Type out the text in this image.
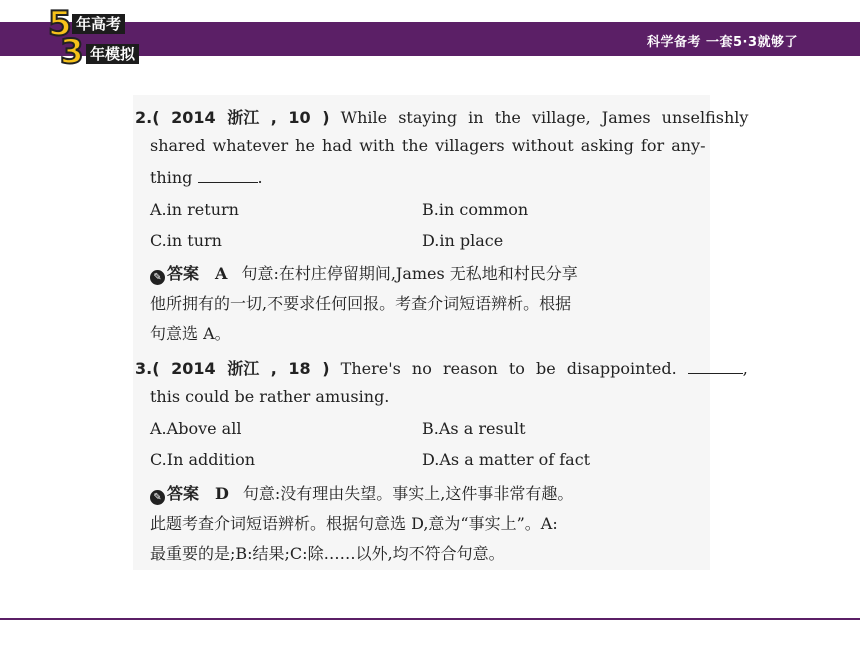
5 年高考
3 年模拟
科学备考 一套5·3就够了
2.( 2014 浙江 , 10 ) While staying in the village, James unselfishly
shared whatever he had with the villagers without asking for any-
thing	.
A.in return	B.in common
C.in turn	D.in place
✎ 答案 A 句意:在村庄停留期间,James 无私地和村民分享
他所拥有的一切,不要求任何回报。考查介词短语辨析。根据
句意选 A。
3.( 2014 浙江 , 18 ) There's no reason to be disappointed.	,
this could be rather amusing.
A.Above all	B.As a result
C.In addition	D.As a matter of fact
✎ 答案 D 句意:没有理由失望。事实上,这件事非常有趣。
此题考查介词短语辨析。根据句意选 D,意为“事实上”。A:
最重要的是;B:结果;C:除……以外,均不符合句意。
